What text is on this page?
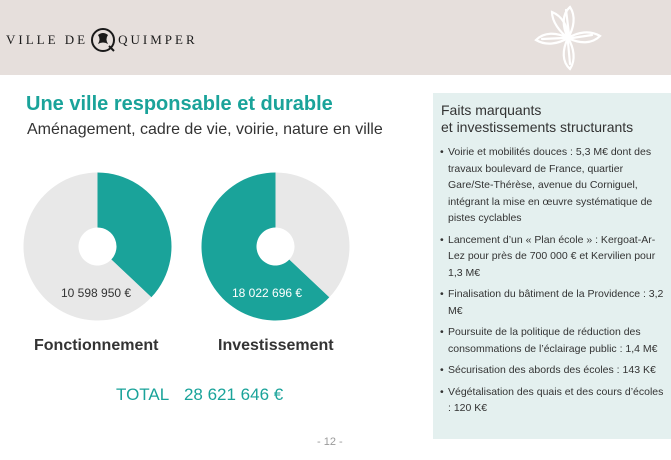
VILLE DE QUIMPER
Une ville responsable et durable
Aménagement, cadre de vie, voirie, nature en ville
10 598 950 €
Fonctionnement
18 022 696 €
Investissement
TOTAL 28 621 646 €
- 12 -
Faits marquants
et investissements structurants
• Voirie et mobilités douces : 5,3 M€ dont des travaux boulevard de France, quartier Gare/Ste-Thérèse, avenue du Corniguel, intégrant la mise en œuvre systématique de pistes cyclables
• Lancement d’un « Plan école » : Kergoat-Ar-Lez pour près de 700 000 € et Kervilien pour 1,3 M€
• Finalisation du bâtiment de la Providence : 3,2 M€
• Poursuite de la politique de réduction des consommations de l’éclairage public : 1,4 M€
• Sécurisation des abords des écoles : 143 K€
• Végétalisation des quais et des cours d’écoles : 120 K€
